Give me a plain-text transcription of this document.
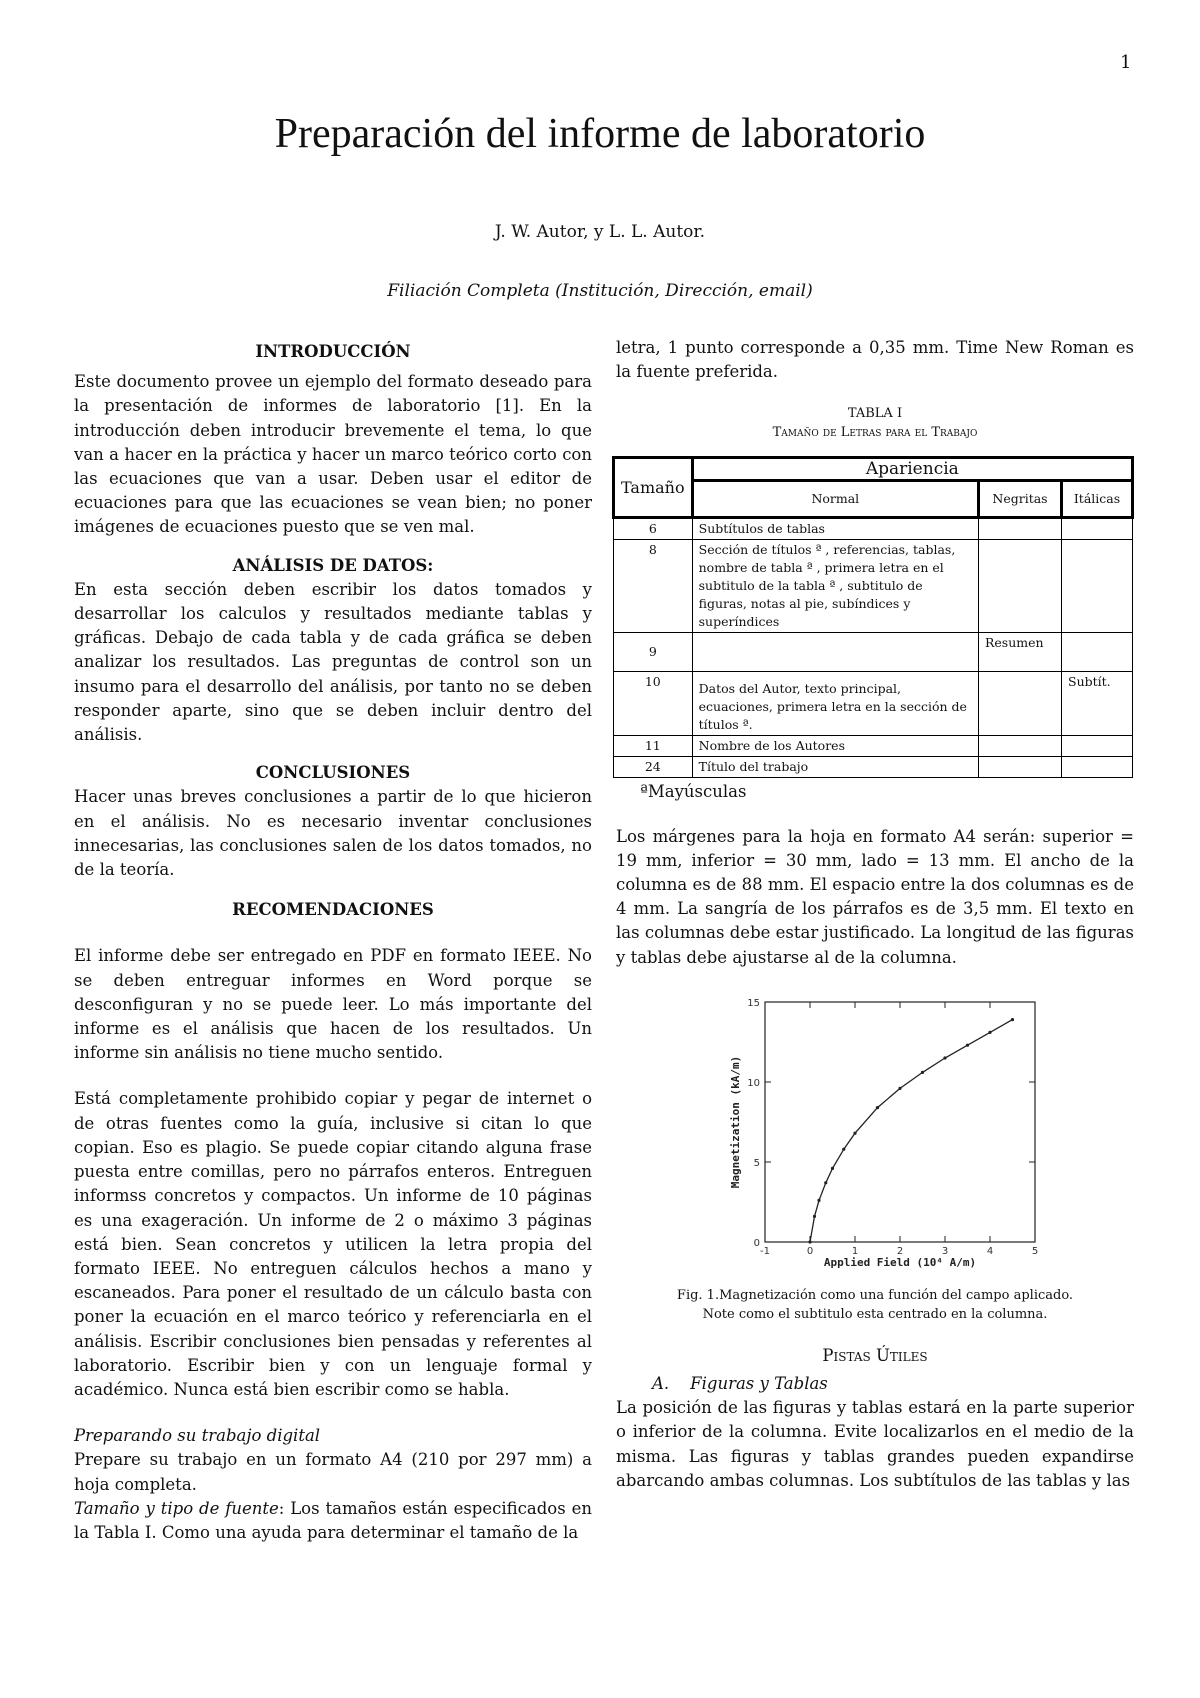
1
Preparación del informe de laboratorio
J. W. Autor, y L. L. Autor.
Filiación Completa (Institución, Dirección, email)

INTRODUCCIÓN

Este documento provee un ejemplo del formato deseado para la presentación de informes de laboratorio [1]. En la introducción deben introducir brevemente el tema, lo que van a hacer en la práctica y hacer un marco teórico corto con las ecuaciones que van a usar. Deben usar el editor de ecuaciones para que las ecuaciones se vean bien; no poner imágenes de ecuaciones puesto que se ven mal.

ANÁLISIS DE DATOS:

En esta sección deben escribir los datos tomados y desarrollar los calculos y resultados mediante tablas y gráficas. Debajo de cada tabla y de cada gráfica se deben analizar los resultados. Las preguntas de control son un insumo para el desarrollo del análisis, por tanto no se deben responder aparte, sino que se deben incluir dentro del análisis.

CONCLUSIONES

Hacer unas breves conclusiones a partir de lo que hicieron en el análisis. No es necesario inventar conclusiones innecesarias, las conclusiones salen de los datos tomados, no de la teoría.

RECOMENDACIONES

El informe debe ser entregado en PDF en formato IEEE. No se deben entreguar informes en Word porque se desconfiguran y no se puede leer. Lo más importante del informe es el análisis que hacen de los resultados. Un informe sin análisis no tiene mucho sentido.

Está completamente prohibido copiar y pegar de internet o de otras fuentes como la guía, inclusive si citan lo que copian. Eso es plagio. Se puede copiar citando alguna frase puesta entre comillas, pero no párrafos enteros. Entreguen informss concretos y compactos. Un informe de 10 páginas es una exageración. Un informe de 2 o máximo 3 páginas está bien. Sean concretos y utilicen la letra propia del formato IEEE. No entreguen cálculos hechos a mano y escaneados. Para poner el resultado de un cálculo basta con poner la ecuación en el marco teórico y referenciarla en el análisis. Escribir conclusiones bien pensadas y referentes al laboratorio. Escribir bien y con un lenguaje formal y académico. Nunca está bien escribir como se habla.

Preparando su trabajo digital

Prepare su trabajo en un formato A4 (210 por 297 mm) a hoja completa.

Tamaño y tipo de fuente: Los tamaños están especificados en la Tabla I. Como una ayuda para determinar el tamaño de la

letra, 1 punto corresponde a 0,35 mm. Time New Roman es la fuente preferida.

TABLA I

Tamaño de Letras para el Trabajo

Tamaño	Apariencia		
	Normal	Negritas	Itálicas
6	Subtítulos de tablas		
8	Sección de títulos ª , referencias, tablas, nombre de tabla ª , primera letra en el subtitulo de la tabla ª , subtitulo de figuras, notas al pie, subíndices y superíndices		
9		Resumen	
10	Datos del Autor, texto principal, ecuaciones, primera letra en la sección de títulos ª.		Subtít.
11	Nombre de los Autores		
24	Título del trabajo		

ªMayúsculas

Los márgenes para la hoja en formato A4 serán: superior = 19 mm, inferior = 30 mm, lado = 13 mm. El ancho de la columna es de 88 mm. El espacio entre la dos columnas es de 4 mm. La sangría de los párrafos es de 3,5 mm. El texto en las columnas debe estar justificado. La longitud de las figuras y tablas debe ajustarse al de la columna.

-1	0	1	2	3	4	5
0
5
10
15
Applied Field (10⁴ A/m)
Magnetization (kA/m)

Fig. 1.Magnetización como una función del campo aplicado.

Note como el subtitulo esta centrado en la columna.

Pistas Útiles

A. Figuras y Tablas

La posición de las figuras y tablas estará en la parte superior o inferior de la columna. Evite localizarlos en el medio de la misma. Las figuras y tablas grandes pueden expandirse abarcando ambas columnas. Los subtítulos de las tablas y las
